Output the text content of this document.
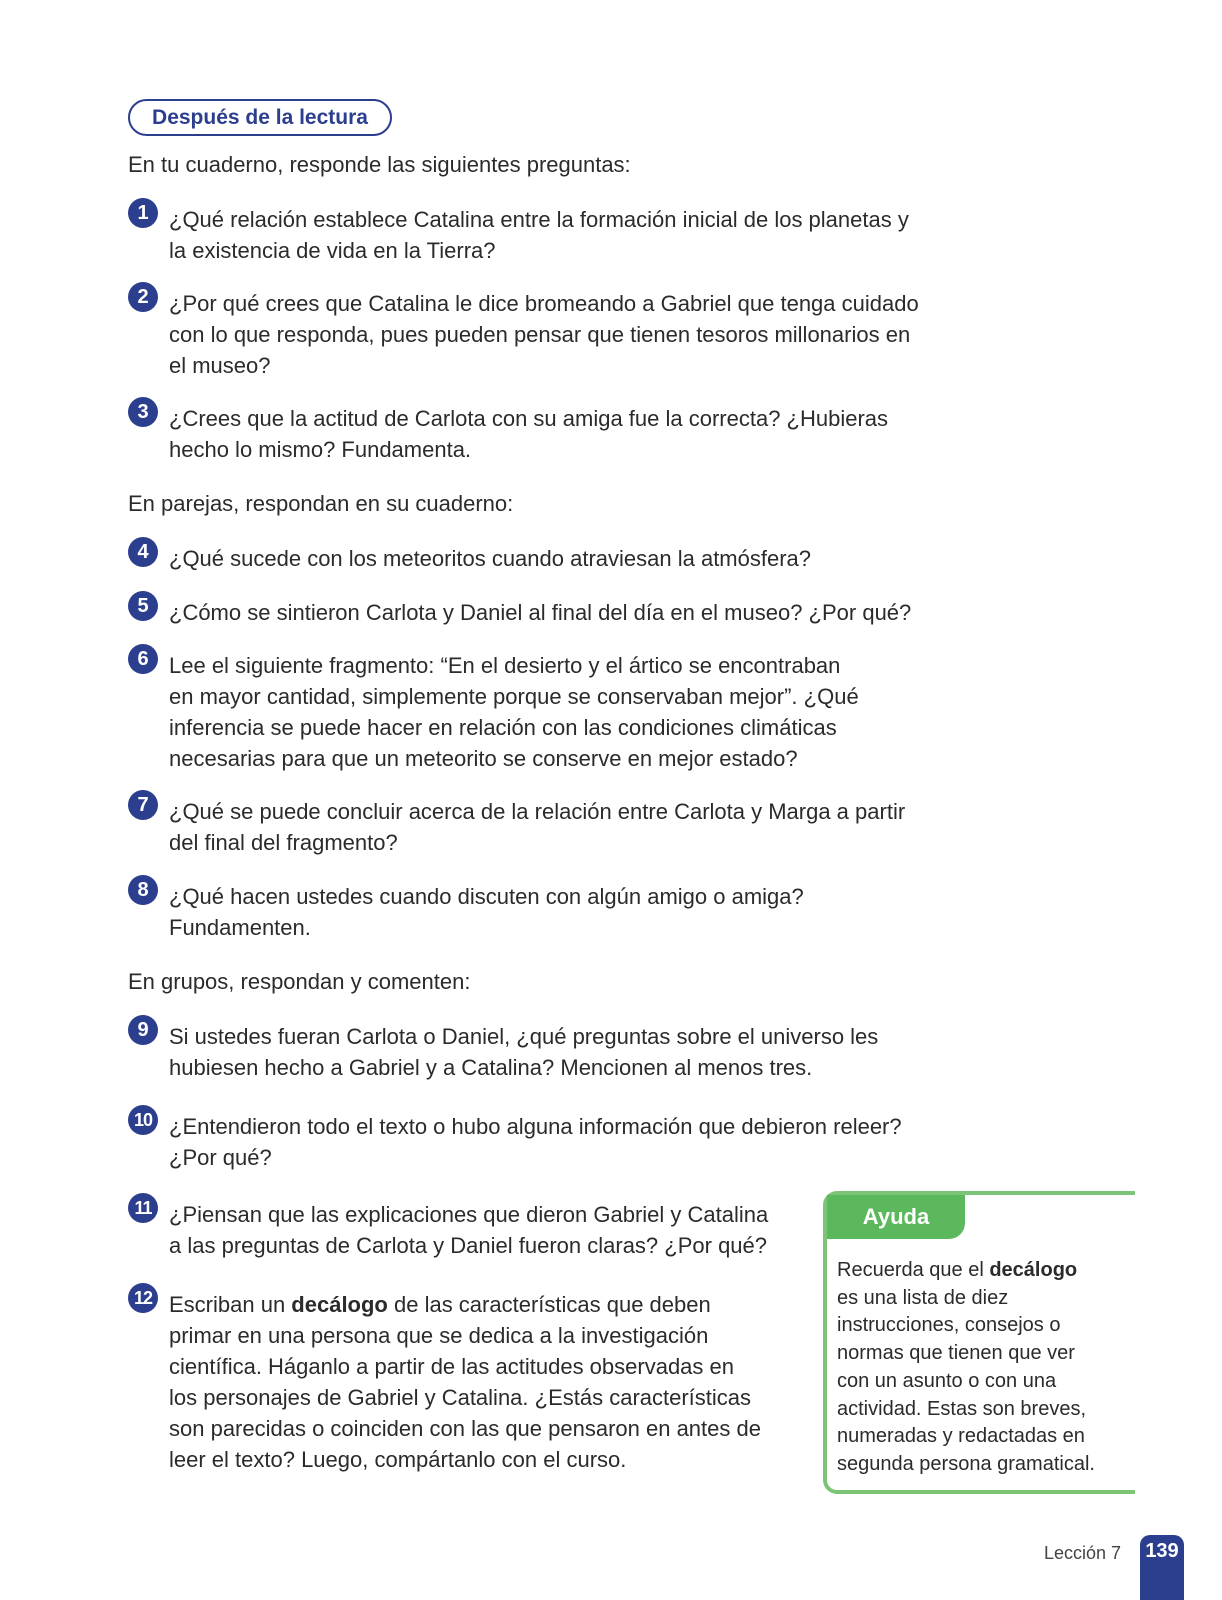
Después de la lectura
En tu cuaderno, responde las siguientes preguntas:
1 ¿Qué relación establece Catalina entre la formación inicial de los planetas y
la existencia de vida en la Tierra?
2 ¿Por qué crees que Catalina le dice bromeando a Gabriel que tenga cuidado
con lo que responda, pues pueden pensar que tienen tesoros millonarios en
el museo?
3 ¿Crees que la actitud de Carlota con su amiga fue la correcta? ¿Hubieras
hecho lo mismo? Fundamenta.
En parejas, respondan en su cuaderno:
4 ¿Qué sucede con los meteoritos cuando atraviesan la atmósfera?
5 ¿Cómo se sintieron Carlota y Daniel al final del día en el museo? ¿Por qué?
6 Lee el siguiente fragmento: “En el desierto y el ártico se encontraban
en mayor cantidad, simplemente porque se conservaban mejor”. ¿Qué
inferencia se puede hacer en relación con las condiciones climáticas
necesarias para que un meteorito se conserve en mejor estado?
7 ¿Qué se puede concluir acerca de la relación entre Carlota y Marga a partir
del final del fragmento?
8 ¿Qué hacen ustedes cuando discuten con algún amigo o amiga?
Fundamenten.
En grupos, respondan y comenten:
9 Si ustedes fueran Carlota o Daniel, ¿qué preguntas sobre el universo les
hubiesen hecho a Gabriel y a Catalina? Mencionen al menos tres.
10 ¿Entendieron todo el texto o hubo alguna información que debieron releer?
¿Por qué?
11 ¿Piensan que las explicaciones que dieron Gabriel y Catalina
a las preguntas de Carlota y Daniel fueron claras? ¿Por qué?
12 Escriban un decálogo de las características que deben
primar en una persona que se dedica a la investigación
científica. Háganlo a partir de las actitudes observadas en
los personajes de Gabriel y Catalina. ¿Estás características
son parecidas o coinciden con las que pensaron en antes de
leer el texto? Luego, compártanlo con el curso.
Ayuda
Recuerda que el decálogo
es una lista de diez
instrucciones, consejos o
normas que tienen que ver
con un asunto o con una
actividad. Estas son breves,
numeradas y redactadas en
segunda persona gramatical.
Lección 7 139
